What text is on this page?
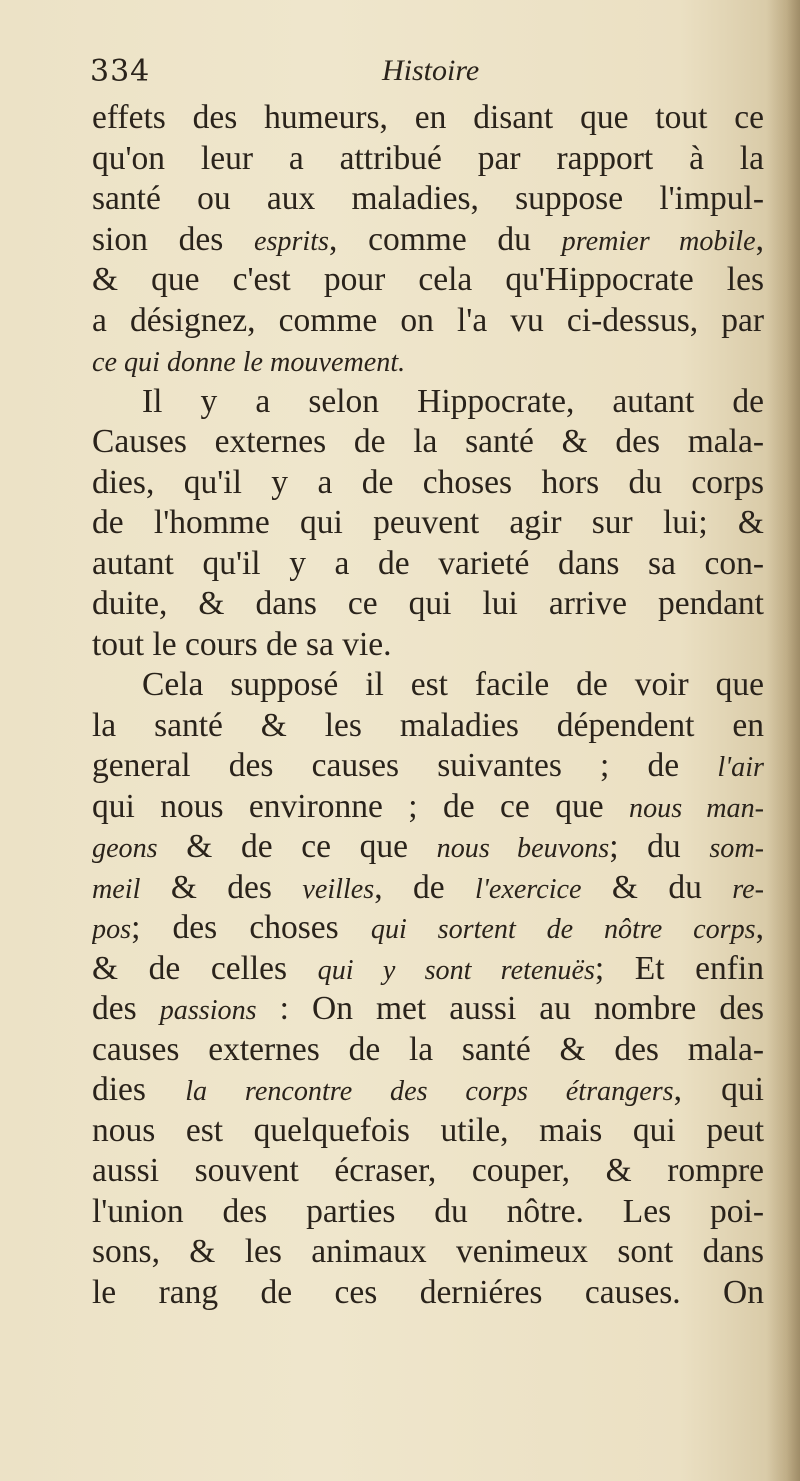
334	Histoire
effets des humeurs, en disant que tout ce
qu'on leur a attribué par rapport à la
santé ou aux maladies, suppose l'impul-
sion des esprits, comme du premier mobile,
& que c'est pour cela qu'Hippocrate les
a désignez, comme on l'a vu ci-dessus, par
ce qui donne le mouvement.
Il y a selon Hippocrate, autant de
Causes externes de la santé & des mala-
dies, qu'il y a de choses hors du corps
de l'homme qui peuvent agir sur lui; &
autant qu'il y a de varieté dans sa con-
duite, & dans ce qui lui arrive pendant
tout le cours de sa vie.
Cela supposé il est facile de voir que
la santé & les maladies dépendent en
general des causes suivantes ; de l'air
qui nous environne ; de ce que nous man-
geons & de ce que nous beuvons; du som-
meil & des veilles, de l'exercice & du re-
pos; des choses qui sortent de nôtre corps,
& de celles qui y sont retenuës; Et enfin
des passions : On met aussi au nombre des
causes externes de la santé & des mala-
dies la rencontre des corps étrangers, qui
nous est quelquefois utile, mais qui peut
aussi souvent écraser, couper, & rompre
l'union des parties du nôtre. Les poi-
sons, & les animaux venimeux sont dans
le rang de ces derniéres causes. On
